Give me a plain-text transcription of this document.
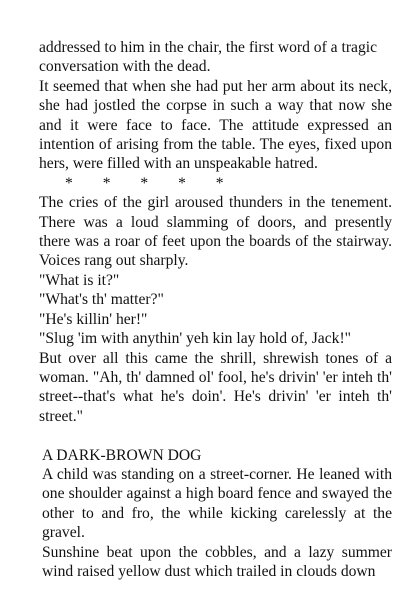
addressed to him in the chair, the first word of a tragic conversation with the dead.

It seemed that when she had put her arm about its neck, she had jostled the corpse in such a way that now she and it were face to face. The attitude expressed an intention of arising from the table. The eyes, fixed upon hers, were filled with an unspeakable hatred.

* * * * *

The cries of the girl aroused thunders in the tenement. There was a loud slamming of doors, and presently there was a roar of feet upon the boards of the stairway. Voices rang out sharply.

"What is it?"

"What's th' matter?"

"He's killin' her!"

"Slug 'im with anythin' yeh kin lay hold of, Jack!"

But over all this came the shrill, shrewish tones of a woman. "Ah, th' damned ol' fool, he's drivin' 'er inteh th' street--that's what he's doin'. He's drivin' 'er inteh th' street."

A DARK-BROWN DOG

A child was standing on a street-corner. He leaned with one shoulder against a high board fence and swayed the other to and fro, the while kicking carelessly at the gravel.

Sunshine beat upon the cobbles, and a lazy summer wind raised yellow dust which trailed in clouds down
